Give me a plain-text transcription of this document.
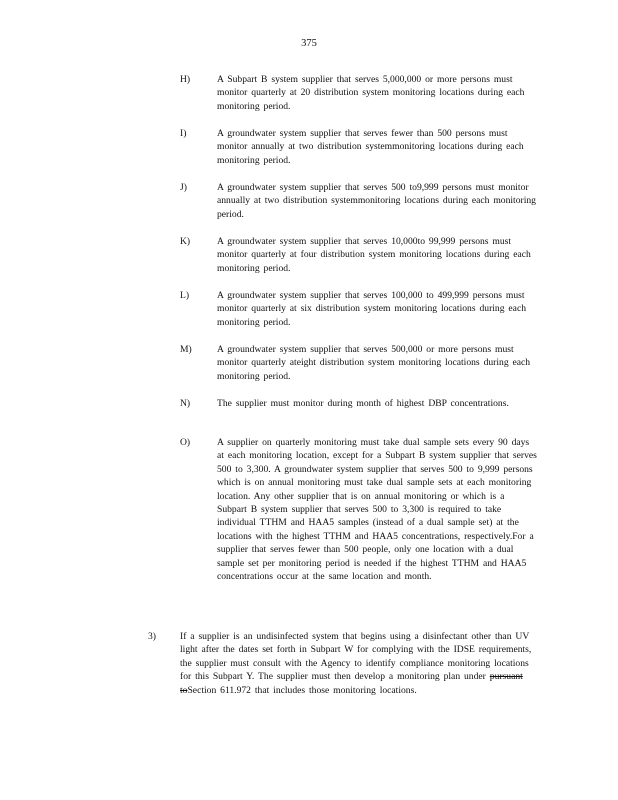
375
H)	A Subpart B system supplier that serves 5,000,000 or more persons must monitor quarterly at 20 distribution system monitoring locations during each monitoring period.
I)	A groundwater system supplier that serves fewer than 500 persons must monitor annually at two distribution systemmonitoring locations during each monitoring period.
J)	A groundwater system supplier that serves 500 to9,999 persons must monitor annually at two distribution systemmonitoring locations during each monitoring period.
K)	A groundwater system supplier that serves 10,000to 99,999 persons must monitor quarterly at four distribution system monitoring locations during each monitoring period.
L)	A groundwater system supplier that serves 100,000 to 499,999 persons must monitor quarterly at six distribution system monitoring locations during each monitoring period.
M)	A groundwater system supplier that serves 500,000 or more persons must monitor quarterly ateight distribution system monitoring locations during each monitoring period.
N)	The supplier must monitor during month of highest DBP concentrations.
O)	A supplier on quarterly monitoring must take dual sample sets every 90 days at each monitoring location, except for a Subpart B system supplier that serves 500 to 3,300. A groundwater system supplier that serves 500 to 9,999 persons which is on annual monitoring must take dual sample sets at each monitoring location. Any other supplier that is on annual monitoring or which is a Subpart B system supplier that serves 500 to 3,300 is required to take individual TTHM and HAA5 samples (instead of a dual sample set) at the locations with the highest TTHM and HAA5 concentrations, respectively.For a supplier that serves fewer than 500 people, only one location with a dual sample set per monitoring period is needed if the highest TTHM and HAA5 concentrations occur at the same location and month.
3)	If a supplier is an undisinfected system that begins using a disinfectant other than UV light after the dates set forth in Subpart W for complying with the IDSE requirements, the supplier must consult with the Agency to identify compliance monitoring locations for this Subpart Y. The supplier must then develop a monitoring plan under pursuant toSection 611.972 that includes those monitoring locations.
